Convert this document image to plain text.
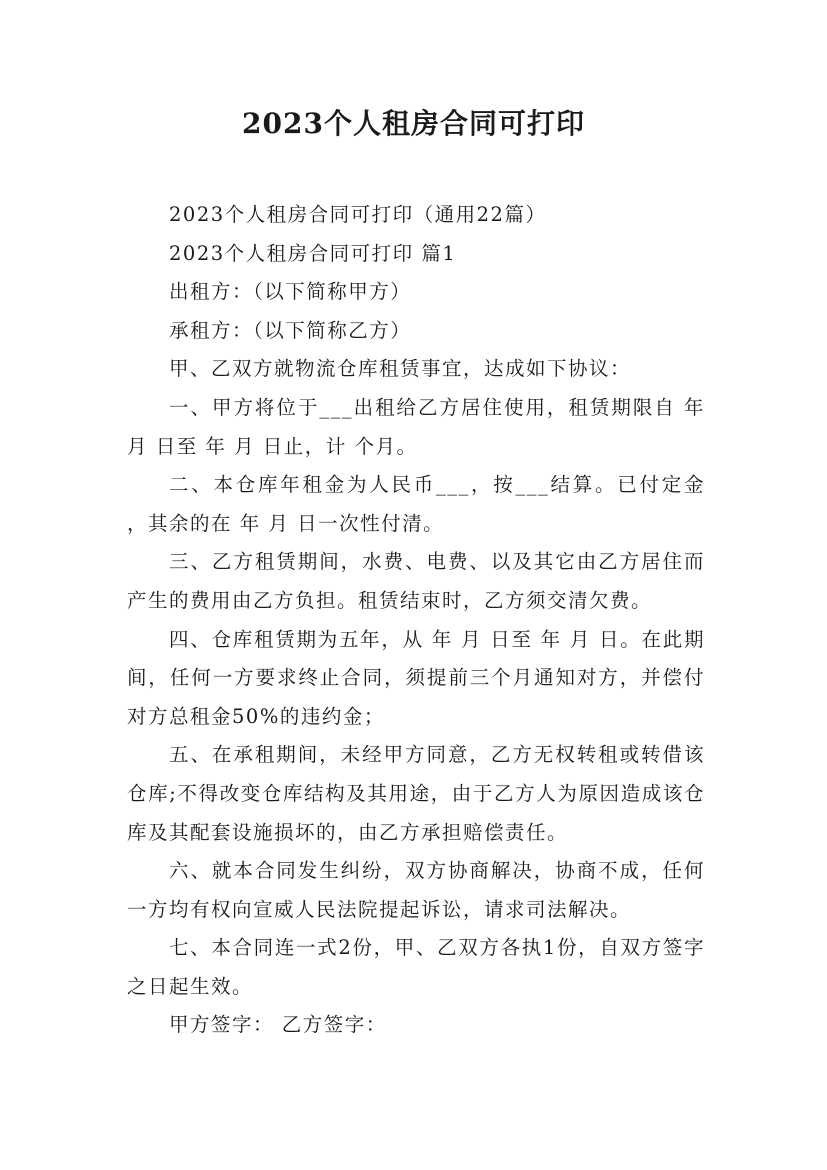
2023个人租房合同可打印

2023个人租房合同可打印（通用22篇）

2023个人租房合同可打印 篇1

出租方：（以下简称甲方）

承租方：（以下简称乙方）

甲、乙双方就物流仓库租赁事宜，达成如下协议：

一、甲方将位于___出租给乙方居住使用，租赁期限自 年 月 日至 年 月 日止，计 个月。

二、本仓库年租金为人民币___，按___结算。已付定金 ，其余的在 年 月 日一次性付清。

三、乙方租赁期间，水费、电费、以及其它由乙方居住而产生的费用由乙方负担。租赁结束时，乙方须交清欠费。

四、仓库租赁期为五年，从 年 月 日至 年 月 日。在此期间，任何一方要求终止合同，须提前三个月通知对方，并偿付对方总租金50%的违约金；

五、在承租期间，未经甲方同意，乙方无权转租或转借该仓库;不得改变仓库结构及其用途，由于乙方人为原因造成该仓库及其配套设施损坏的，由乙方承担赔偿责任。

六、就本合同发生纠纷，双方协商解决，协商不成，任何一方均有权向宣威人民法院提起诉讼，请求司法解决。

七、本合同连一式2份，甲、乙双方各执1份，自双方签字之日起生效。

甲方签字： 乙方签字：
